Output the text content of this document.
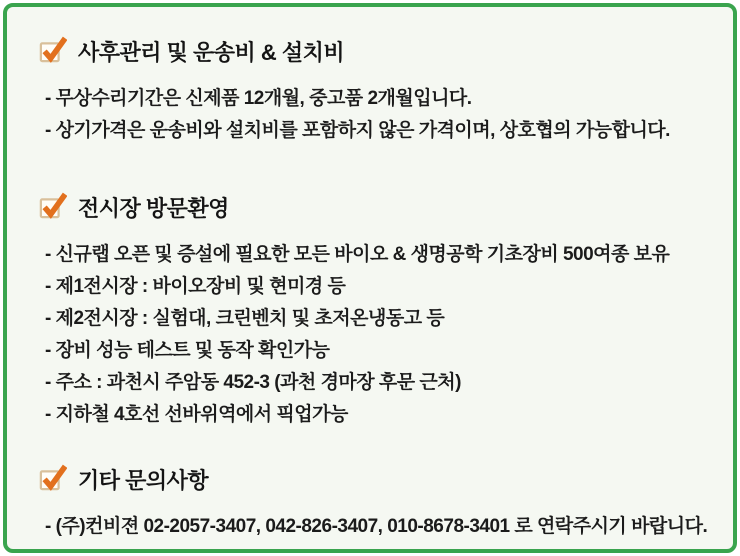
사후관리 및 운송비 & 설치비
- 무상수리기간은 신제품 12개월, 중고품 2개월입니다.
- 상기가격은 운송비와 설치비를 포함하지 않은 가격이며, 상호협의 가능합니다.
전시장 방문환영
- 신규랩 오픈 및 증설에 필요한 모든 바이오 & 생명공학 기초장비 500여종 보유
- 제1전시장 : 바이오장비 및 현미경 등
- 제2전시장 : 실험대, 크린벤치 및 초저온냉동고 등
- 장비 성능 테스트 및 동작 확인가능
- 주소 : 과천시 주암동 452-3 (과천 경마장 후문 근처)
- 지하철 4호선 선바위역에서 픽업가능
기타 문의사항
- (주)컨비젼 02-2057-3407, 042-826-3407, 010-8678-3401 로 연락주시기 바랍니다.
